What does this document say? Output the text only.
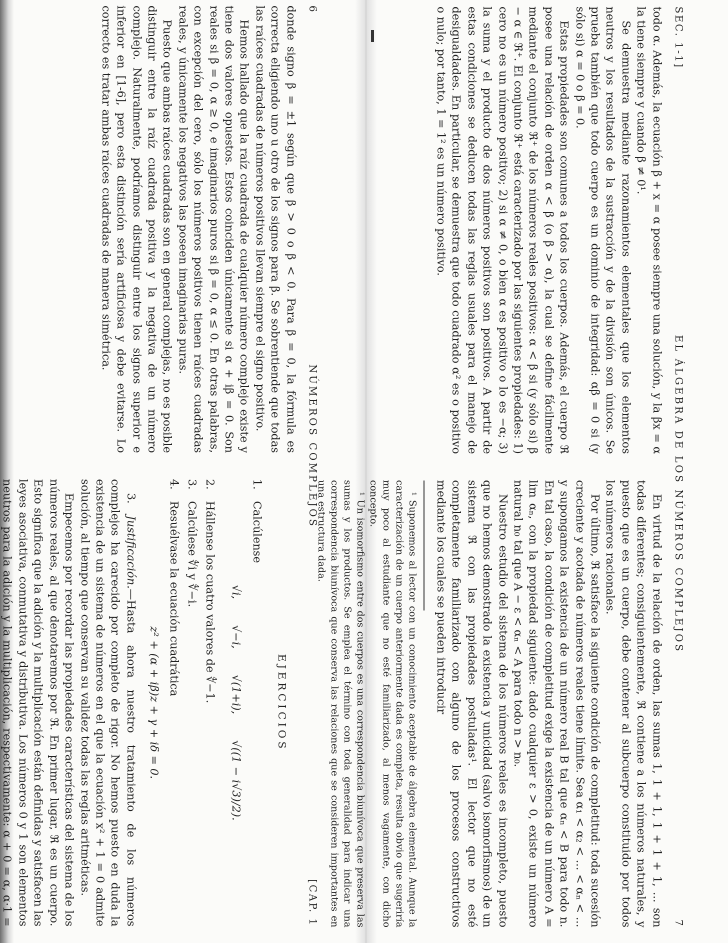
6
NÚMEROS COMPLEJOS
[CAP. 1

donde signo β = ±1 según que β > 0 o β < 0. Para β = 0, la fórmula es correcta eligiendo uno u otro de los signos para β. Se sobrentiende que todas las raíces cuadradas de números positivos llevan siempre el signo positivo.

Hemos hallado que la raíz cuadrada de cualquier número complejo existe y tiene dos valores opuestos. Estos coinciden únicamente si α + iβ = 0. Son reales si β = 0, α ≥ 0, e imaginarios puros si β = 0, α ≤ 0. En otras palabras, con excepción del cero, sólo los números positivos tienen raíces cuadradas reales, y únicamente los negativos las poseen imaginarias puras.

Puesto que ambas raíces cuadradas son en general complejas, no es posible distinguir entre la raíz cuadrada positiva y la negativa de un número complejo. Naturalmente, podríamos distinguir entre los signos superior e inferior en [1-6], pero esta distinción sería artificiosa y debe evitarse. Lo correcto es tratar ambas raíces cuadradas de manera simétrica.

EJERCICIOS
1.
Calcúlense
√i,
√−i,
√(1+i),
√((1 − i√3)/2).
2.
Hállense los cuatro valores de ∜−1.
3.
Calcúlese ∜i y ∜−i.
4.
Resuélvase la ecuación cuadrática
z² + (α + iβ)z + γ + iδ = 0.

3. Justificación.—Hasta ahora nuestro tratamiento de los números complejos ha carecido por completo de rigor. No hemos puesto en duda la existencia de un sistema de números en el que la ecuación x² + 1 = 0 admite solución, al tiempo que conservan su validez todas las reglas aritméticas.

Empecemos por recordar las propiedades características del sistema de los números reales, al que denotaremos por ℜ. En primer lugar, ℜ es un cuerpo. Esto significa que la adición y la multiplicación están definidas y satisfacen las leyes asociativa, conmutativa y distributiva. Los números 0 y 1 son elementos neutros para la adición y la multiplicación, respectivamente: α + 0 = α, α·1 =

SEC. 1-1]
EL ÁLGEBRA DE LOS NÚMEROS COMPLEJOS
7

todo α. Además, la ecuación β + x = α posee siempre una solución, y la βx = α la tiene siempre y cuando β ≠ 0¹.

Se demuestra mediante razonamientos elementales que los elementos neutros y los resultados de la sustracción y de la división son únicos. Se prueba también que todo cuerpo es un dominio de integridad: αβ = 0 si (y sólo si) α = 0 o β = 0.

Estas propiedades son comunes a todos los cuerpos. Además, el cuerpo ℜ posee una relación de orden α < β (o β > α), la cual se define fácilmente mediante el conjunto ℜ⁺ de los números reales positivos: α < β si (y sólo si) β − α ∈ ℜ⁺. El conjunto ℜ⁺ está caracterizado por las siguientes propiedades: 1) cero no es un número positivo; 2) si α ≠ 0, o bien α es positivo o lo es −α; 3) la suma y el producto de dos números positivos son positivos. A partir de estas condiciones se deducen todas las reglas usuales para el manejo de desigualdades. En particular, se demuestra que todo cuadrado α² es o positivo o nulo; por tanto, 1 = 1² es un número positivo.

En virtud de la relación de orden, las sumas 1, 1 + 1, 1 + 1 + 1, ... son todas diferentes; consiguientemente, ℜ contiene a los números naturales, y puesto que es un cuerpo, debe contener al subcuerpo constituido por todos los números racionales.

Por último, ℜ satisface la siguiente condición de completitud: toda sucesión creciente y acotada de números reales tiene límite. Sea α₁ < α₂ < ... < αₙ < ... y supongamos la existencia de un número real B tal que αₙ < B para todo n. En tal caso, la condición de completitud exige la existencia de un número A = lim αₙ, con la propiedad siguiente: dado cualquier ε > 0, existe un número natural n₀ tal que A − ε < αₙ < A para todo n > n₀.

Nuestro estudio del sistema de los números reales es incompleto, puesto que no hemos demostrado la existencia y unicidad (salvo isomorfismos) de un sistema ℜ con las propiedades postuladas¹. El lector que no esté completamente familiarizado con alguno de los procesos constructivos mediante los cuales se pueden introducir

¹ Suponemos al lector con un conocimiento aceptable de álgebra elemental. Aunque la caracterización de un cuerpo anteriormente dada es completa, resulta obvio que sugeriría muy poco al estudiante que no esté familiarizado, al menos vagamente, con dicho concepto.

¹ Un isomorfismo entre dos cuerpos es una correspondencia biunívoca que preserva las sumas y los productos. Se emplea el término con toda generalidad para indicar una correspondencia biunívoca que conserva las relaciones que se consideren importantes en una estructura dada.
